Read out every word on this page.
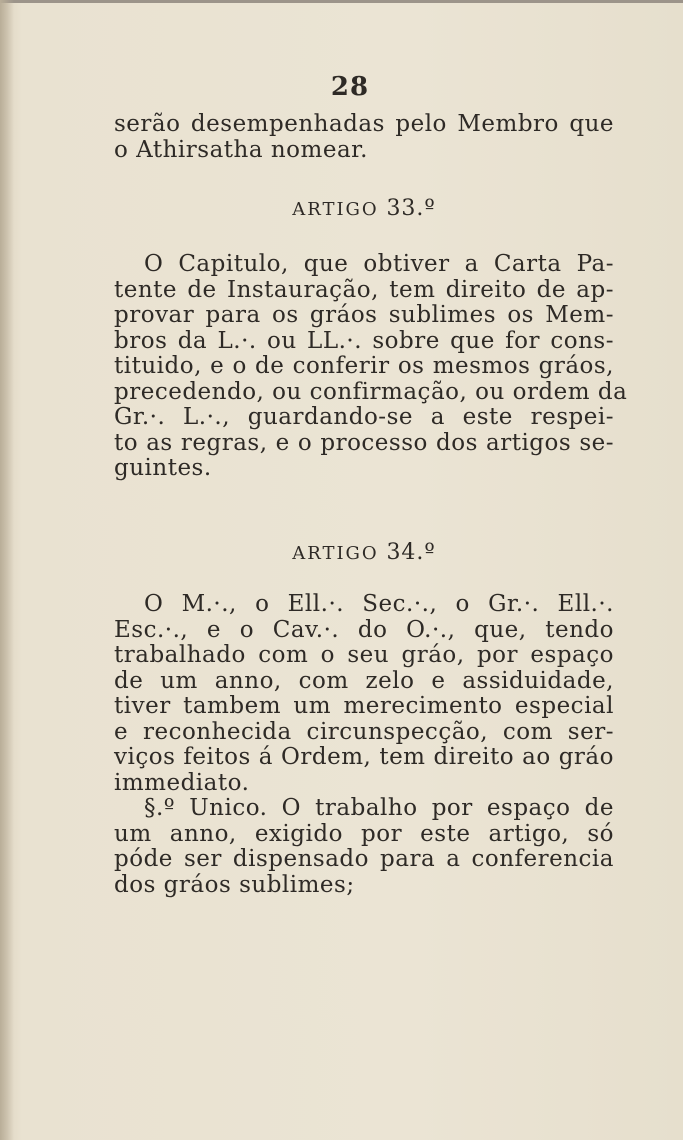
28
serão desempenhadas pelo Membro que
o Athirsatha nomear.
ARTIGO 33.º
O Capitulo, que obtiver a Carta Pa-
tente de Instauração, tem direito de ap-
provar para os gráos sublimes os Mem-
bros da L.·. ou LL.·. sobre que for cons-
tituido, e o de conferir os mesmos gráos,
precedendo, ou confirmação, ou ordem da
Gr.·. L.·., guardando-se a este respei-
to as regras, e o processo dos artigos se-
guintes.
ARTIGO 34.º
O M.·., o Ell.·. Sec.·., o Gr.·. Ell.·.
Esc.·., e o Cav.·. do O.·., que, tendo
trabalhado com o seu gráo, por espaço
de um anno, com zelo e assiduidade,
tiver tambem um merecimento especial
e reconhecida circunspecção, com ser-
viços feitos á Ordem, tem direito ao gráo
immediato.
§.º Unico. O trabalho por espaço de
um anno, exigido por este artigo, só
póde ser dispensado para a conferencia
dos gráos sublimes;
